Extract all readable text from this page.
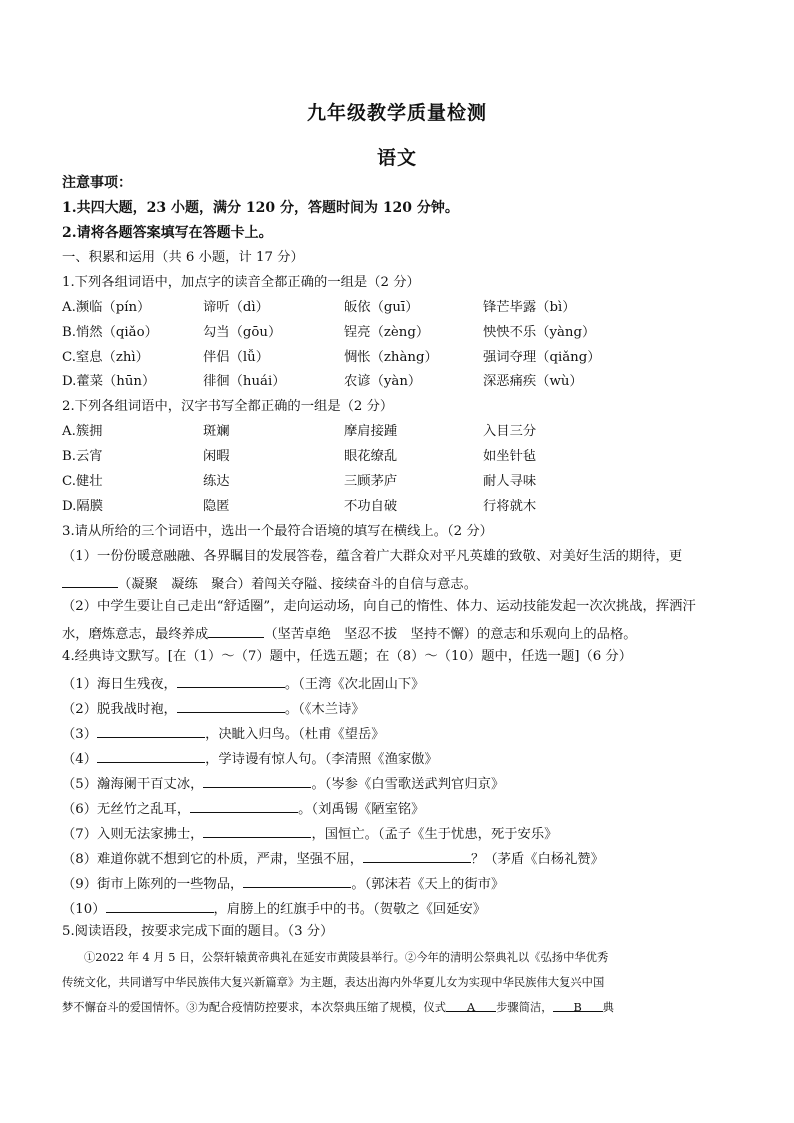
九年级教学质量检测
语文
注意事项：
1.共四大题，23 小题，满分 120 分，答题时间为 120 分钟。
2.请将各题答案填写在答题卡上。
一、积累和运用（共 6 小题，计 17 分）
1.下列各组词语中，加点字的读音全都正确的一组是（2 分）
A.濒临（pín）	谛听（dì）	皈依（guī）	锋芒毕露（bì）
B.悄然（qiǎo）	勾当（gōu）	锃亮（zèng）	怏怏不乐（yàng）
C.窒息（zhì）	伴侣（lǚ）	惆怅（zhàng）	强词夺理（qiǎng）
D.藿菜（hūn）	徘徊（huái）	农谚（yàn）	深恶痛疾（wù）
2.下列各组词语中，汉字书写全都正确的一组是（2 分）
A.簇拥	斑斓	摩肩接踵	入目三分
B.云宵	闲暇	眼花缭乱	如坐针毡
C.健壮	练达	三顾茅庐	耐人寻味
D.隔膜	隐匿	不功自破	行将就木
3.请从所给的三个词语中，选出一个最符合语境的填写在横线上。（2 分）
（1）一份份暖意融融、各界瞩目的发展答卷，蕴含着广大群众对平凡英雄的致敬、对美好生活的期待，更
（凝聚　凝练　聚合）着闯关夺隘、接续奋斗的自信与意志。
（2）中学生要让自己走出“舒适圈”，走向运动场，向自己的惰性、体力、运动技能发起一次次挑战，挥洒汗
水，磨炼意志，最终养成	（坚苦卓绝　坚忍不拔　坚持不懈）的意志和乐观向上的品格。
4.经典诗文默写。[在（1）～（7）题中，任选五题；在（8）～（10）题中，任选一题]（6 分）
（1）海日生残夜，	。（王湾《次北固山下》
（2）脱我战时袍，	。（《木兰诗》
（3）	，决眦入归鸟。（杜甫《望岳》
（4）	，学诗谩有惊人句。（李清照《渔家傲》
（5）瀚海阑干百丈冰，	。（岑参《白雪歌送武判官归京》
（6）无丝竹之乱耳，	。（刘禹锡《陋室铭》
（7）入则无法家拂士，	，国恒亡。（孟子《生于忧患，死于安乐》
（8）难道你就不想到它的朴质，严肃，坚强不屈，	？（茅盾《白杨礼赞》
（9）街市上陈列的一些物品，	。（郭沫若《天上的街市》
（10）	，肩膀上的红旗手中的书。（贺敬之《回延安》
5.阅读语段，按要求完成下面的题目。（3 分）
①2022 年 4 月 5 日，公祭轩辕黄帝典礼在延安市黄陵县举行。②今年的清明公祭典礼以《弘扬中华优秀
传统文化，共同谱写中华民族伟大复兴新篇章》为主题，表达出海内外华夏儿女为实现中华民族伟大复兴中国
梦不懈奋斗的爱国情怀。③为配合疫情防控要求，本次祭典压缩了规模，仪式 A 步骤简洁， B 典
